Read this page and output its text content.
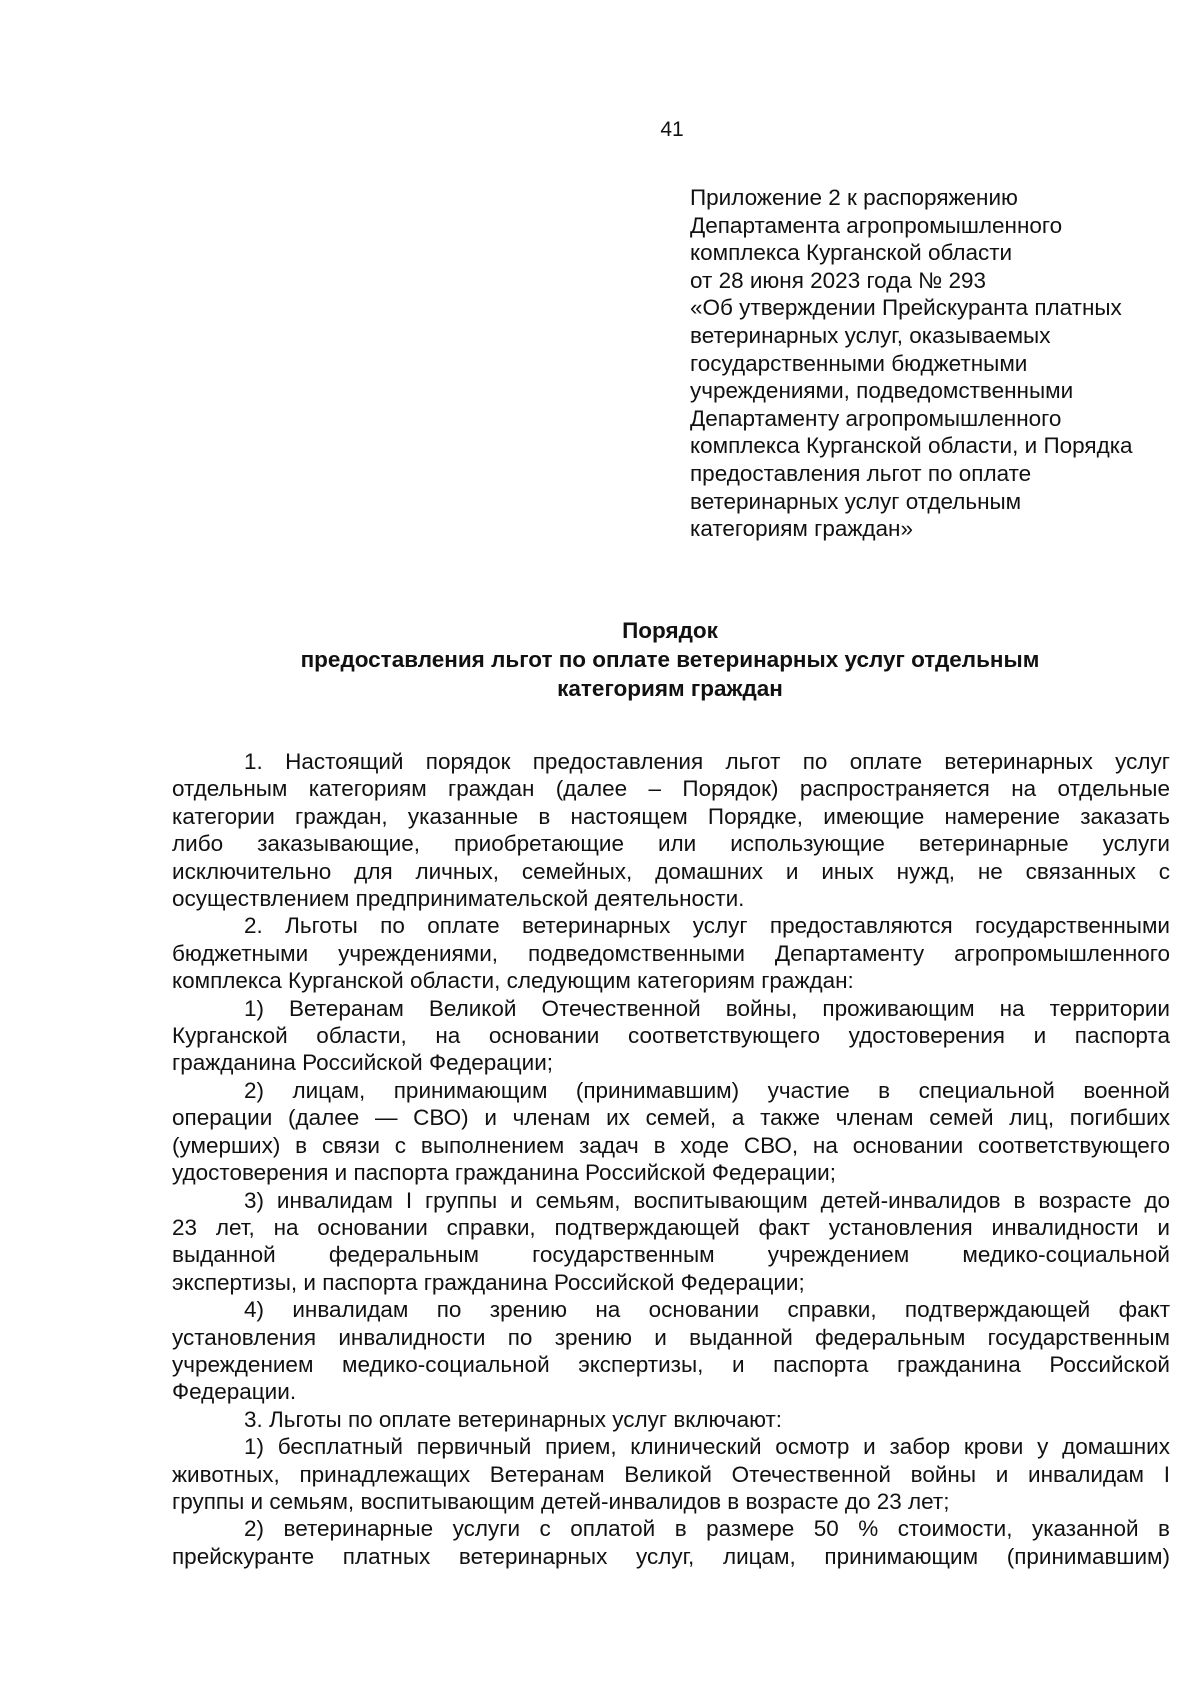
41
Приложение 2 к распоряжению
Департамента агропромышленного
комплекса Курганской области
от 28 июня 2023 года № 293
«Об утверждении Прейскуранта платных
ветеринарных услуг, оказываемых
государственными бюджетными
учреждениями, подведомственными
Департаменту агропромышленного
комплекса Курганской области, и Порядка
предоставления льгот по оплате
ветеринарных услуг отдельным
категориям граждан»
Порядок
предоставления льгот по оплате ветеринарных услуг отдельным
категориям граждан
1. Настоящий порядок предоставления льгот по оплате ветеринарных услуг
отдельным категориям граждан (далее – Порядок) распространяется на отдельные
категории граждан, указанные в настоящем Порядке, имеющие намерение заказать
либо заказывающие, приобретающие или использующие ветеринарные услуги
исключительно для личных, семейных, домашних и иных нужд, не связанных с
осуществлением предпринимательской деятельности.
2. Льготы по оплате ветеринарных услуг предоставляются государственными
бюджетными учреждениями, подведомственными Департаменту агропромышленного
комплекса Курганской области, следующим категориям граждан:
1) Ветеранам Великой Отечественной войны, проживающим на территории
Курганской области, на основании соответствующего удостоверения и паспорта
гражданина Российской Федерации;
2) лицам, принимающим (принимавшим) участие в специальной военной
операции (далее — СВО) и членам их семей, а также членам семей лиц, погибших
(умерших) в связи с выполнением задач в ходе СВО, на основании соответствующего
удостоверения и паспорта гражданина Российской Федерации;
3) инвалидам I группы и семьям, воспитывающим детей-инвалидов в возрасте до
23 лет, на основании справки, подтверждающей факт установления инвалидности и
выданной федеральным государственным учреждением медико-социальной
экспертизы, и паспорта гражданина Российской Федерации;
4) инвалидам по зрению на основании справки, подтверждающей факт
установления инвалидности по зрению и выданной федеральным государственным
учреждением медико-социальной экспертизы, и паспорта гражданина Российской
Федерации.
3. Льготы по оплате ветеринарных услуг включают:
1) бесплатный первичный прием, клинический осмотр и забор крови у домашних
животных, принадлежащих Ветеранам Великой Отечественной войны и инвалидам I
группы и семьям, воспитывающим детей-инвалидов в возрасте до 23 лет;
2) ветеринарные услуги с оплатой в размере 50 % стоимости, указанной в
прейскуранте платных ветеринарных услуг, лицам, принимающим (принимавшим)
